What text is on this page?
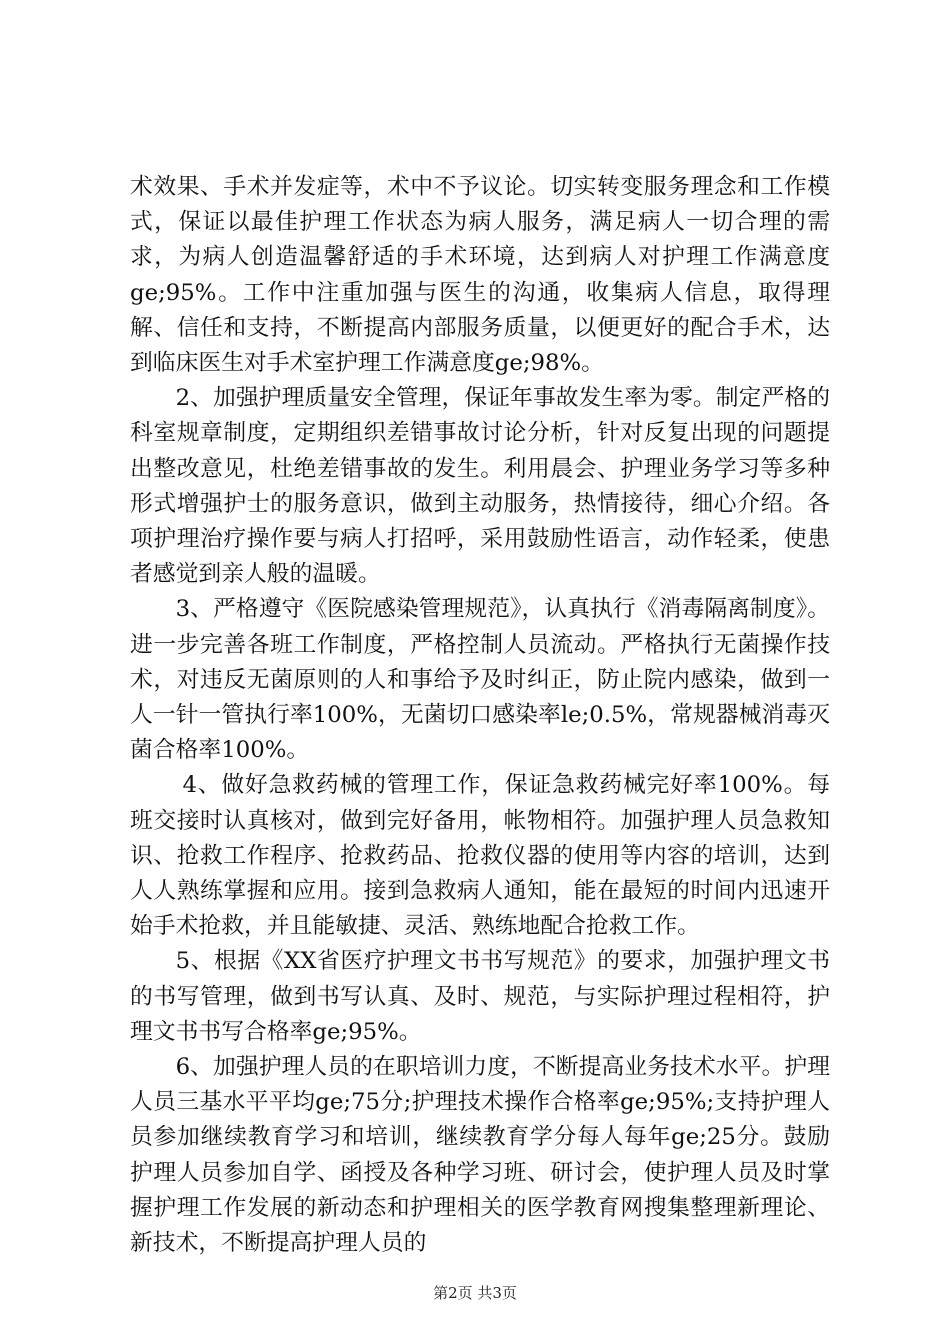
术效果、手术并发症等，术中不予议论。切实转变服务理念和工作模式，保证以最佳护理工作状态为病人服务，满足病人一切合理的需求，为病人创造温馨舒适的手术环境，达到病人对护理工作满意度ge;95%。工作中注重加强与医生的沟通，收集病人信息，取得理解、信任和支持，不断提高内部服务质量，以便更好的配合手术，达到临床医生对手术室护理工作满意度ge;98%。

2、加强护理质量安全管理，保证年事故发生率为零。制定严格的科室规章制度，定期组织差错事故讨论分析，针对反复出现的问题提出整改意见，杜绝差错事故的发生。利用晨会、护理业务学习等多种形式增强护士的服务意识，做到主动服务，热情接待，细心介绍。各项护理治疗操作要与病人打招呼，采用鼓励性语言，动作轻柔，使患者感觉到亲人般的温暖。

3、严格遵守《医院感染管理规范》，认真执行《消毒隔离制度》。进一步完善各班工作制度，严格控制人员流动。严格执行无菌操作技术，对违反无菌原则的人和事给予及时纠正，防止院内感染，做到一人一针一管执行率100%，无菌切口感染率le;0.5%，常规器械消毒灭菌合格率100%。

4、做好急救药械的管理工作，保证急救药械完好率100%。每班交接时认真核对，做到完好备用，帐物相符。加强护理人员急救知识、抢救工作程序、抢救药品、抢救仪器的使用等内容的培训，达到人人熟练掌握和应用。接到急救病人通知，能在最短的时间内迅速开始手术抢救，并且能敏捷、灵活、熟练地配合抢救工作。

5、根据《XX省医疗护理文书书写规范》的要求，加强护理文书的书写管理，做到书写认真、及时、规范，与实际护理过程相符，护理文书书写合格率ge;95%。

6、加强护理人员的在职培训力度，不断提高业务技术水平。护理人员三基水平平均ge;75分;护理技术操作合格率ge;95%;支持护理人员参加继续教育学习和培训，继续教育学分每人每年ge;25分。鼓励护理人员参加自学、函授及各种学习班、研讨会，使护理人员及时掌握护理工作发展的新动态和护理相关的医学教育网搜集整理新理论、新技术，不断提高护理人员的

第2页 共3页
